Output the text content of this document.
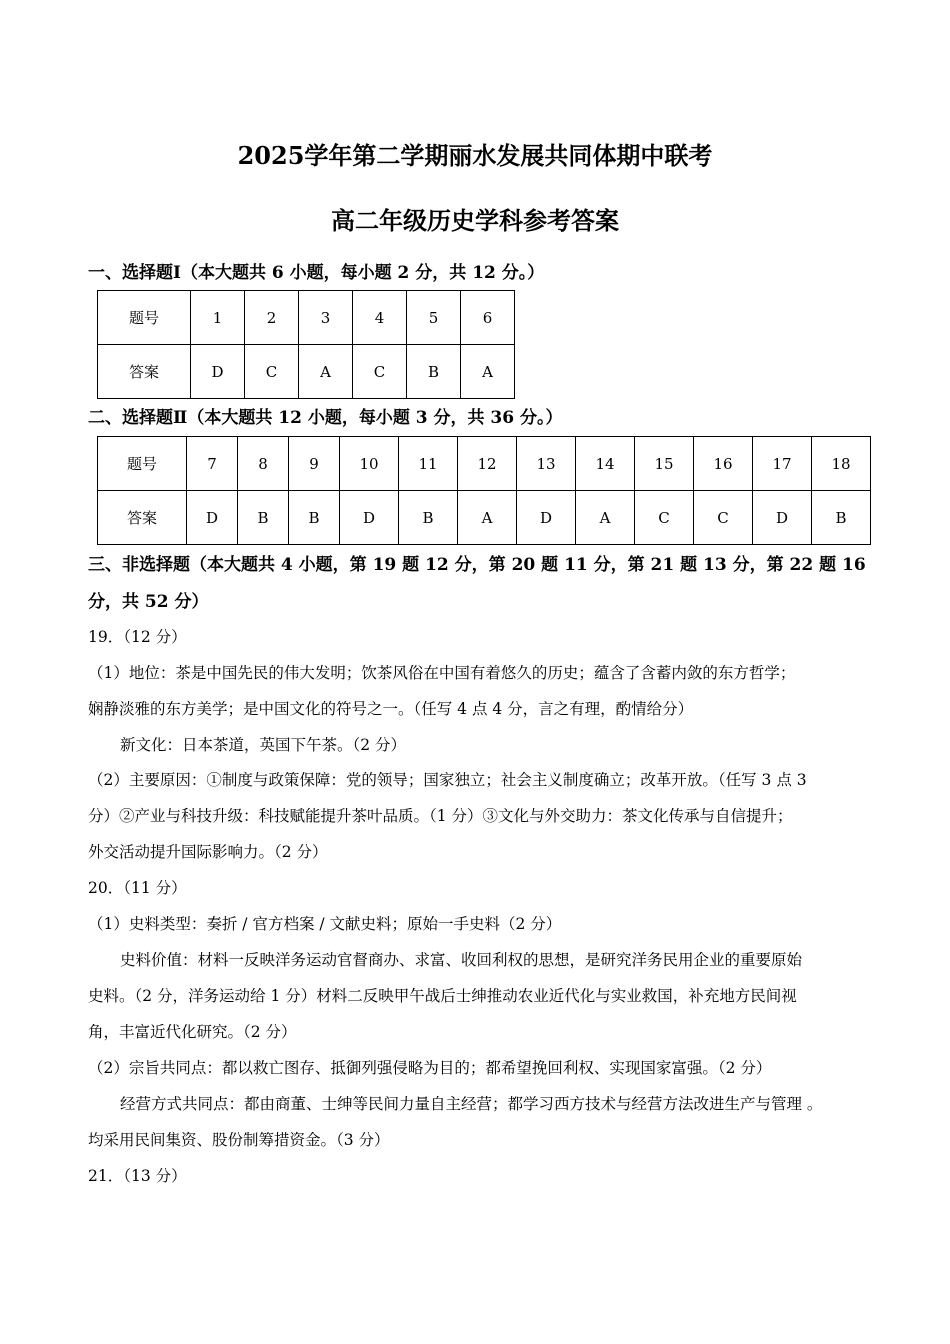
2025学年第二学期丽水发展共同体期中联考
高二年级历史学科参考答案
一、选择题Ⅰ（本大题共 6 小题，每小题 2 分，共 12 分。）
题号	1	2	3	4	5	6
答案	D	C	A	C	B	A
二、选择题Ⅱ（本大题共 12 小题，每小题 3 分，共 36 分。）
题号	7	8	9	10	11	12	13	14	15	16	17	18
答案	D	B	B	D	B	A	D	A	C	C	D	B
三、非选择题（本大题共 4 小题，第 19 题 12 分，第 20 题 11 分，第 21 题 13 分，第 22 题 16
分，共 52 分）
19．（12 分）
（1）地位：茶是中国先民的伟大发明；饮茶风俗在中国有着悠久的历史；蕴含了含蓄内敛的东方哲学；
娴静淡雅的东方美学；是中国文化的符号之一。（任写 4 点 4 分，言之有理，酌情给分）
新文化：日本茶道，英国下午茶。（2 分）
（2）主要原因：①制度与政策保障：党的领导；国家独立；社会主义制度确立；改革开放。（任写 3 点 3
分）②产业与科技升级：科技赋能提升茶叶品质。（1 分）③文化与外交助力：茶文化传承与自信提升；
外交活动提升国际影响力。（2 分）
20．（11 分）
（1）史料类型：奏折 / 官方档案 / 文献史料；原始一手史料（2 分）
史料价值：材料一反映洋务运动官督商办、求富、收回利权的思想，是研究洋务民用企业的重要原始
史料。（2 分，洋务运动给 1 分）材料二反映甲午战后士绅推动农业近代化与实业救国，补充地方民间视
角，丰富近代化研究。（2 分）
（2）宗旨共同点：都以救亡图存、抵御列强侵略为目的；都希望挽回利权、实现国家富强。（2 分）
经营方式共同点：都由商董、士绅等民间力量自主经营；都学习西方技术与经营方法改进生产与管理 。
均采用民间集资、股份制筹措资金。（3 分）
21．（13 分）
